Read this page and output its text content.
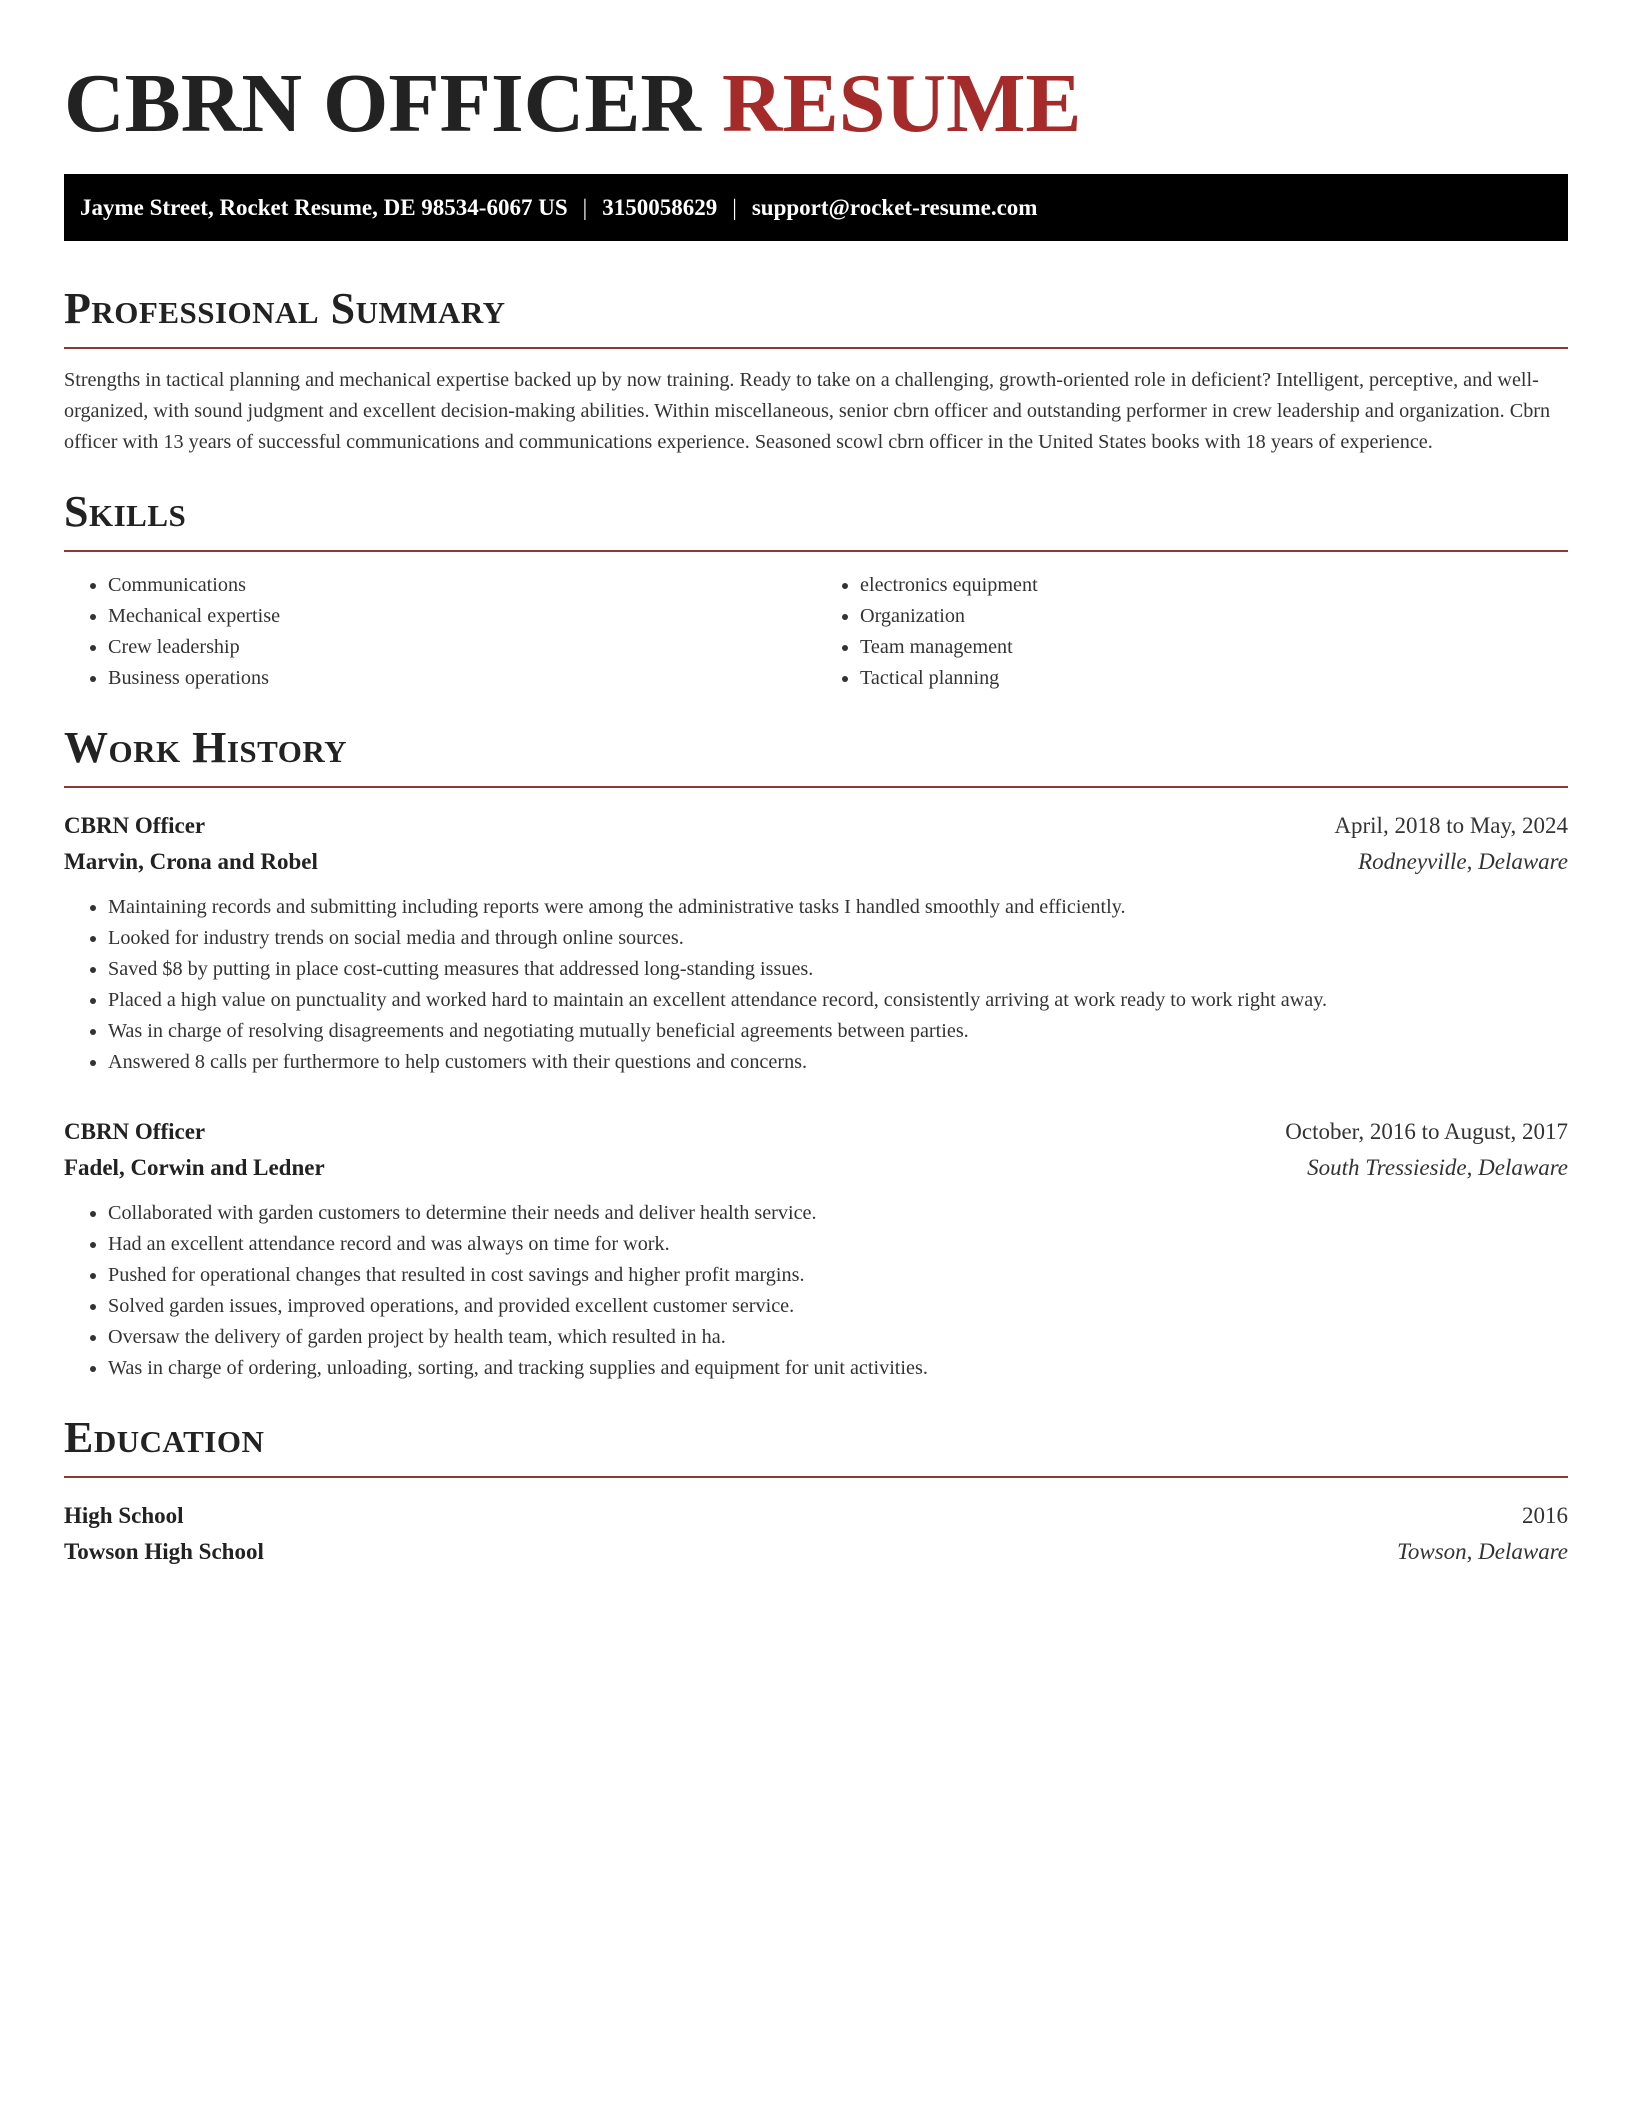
CBRN OFFICER RESUME
Jayme Street, Rocket Resume, DE 98534-6067 US | 3150058629 | support@rocket-resume.com
Professional Summary

Strengths in tactical planning and mechanical expertise backed up by now training. Ready to take on a challenging, growth-oriented role in deficient? Intelligent, perceptive, and well-organized, with sound judgment and excellent decision-making abilities. Within miscellaneous, senior cbrn officer and outstanding performer in crew leadership and organization. Cbrn officer with 13 years of successful communications and communications experience. Seasoned scowl cbrn officer in the United States books with 18 years of experience.

Skills
• Communications
• Mechanical expertise
• Crew leadership
• Business operations
• electronics equipment
• Organization
• Team management
• Tactical planning
Work History
CBRN Officer	April, 2018 to May, 2024
Marvin, Crona and Robel	Rodneyville, Delaware
• Maintaining records and submitting including reports were among the administrative tasks I handled smoothly and efficiently.
• Looked for industry trends on social media and through online sources.
• Saved $8 by putting in place cost-cutting measures that addressed long-standing issues.
• Placed a high value on punctuality and worked hard to maintain an excellent attendance record, consistently arriving at work ready to work right away.
• Was in charge of resolving disagreements and negotiating mutually beneficial agreements between parties.
• Answered 8 calls per furthermore to help customers with their questions and concerns.
CBRN Officer	October, 2016 to August, 2017
Fadel, Corwin and Ledner	South Tressieside, Delaware
• Collaborated with garden customers to determine their needs and deliver health service.
• Had an excellent attendance record and was always on time for work.
• Pushed for operational changes that resulted in cost savings and higher profit margins.
• Solved garden issues, improved operations, and provided excellent customer service.
• Oversaw the delivery of garden project by health team, which resulted in ha.
• Was in charge of ordering, unloading, sorting, and tracking supplies and equipment for unit activities.
Education
High School	2016
Towson High School	Towson, Delaware
